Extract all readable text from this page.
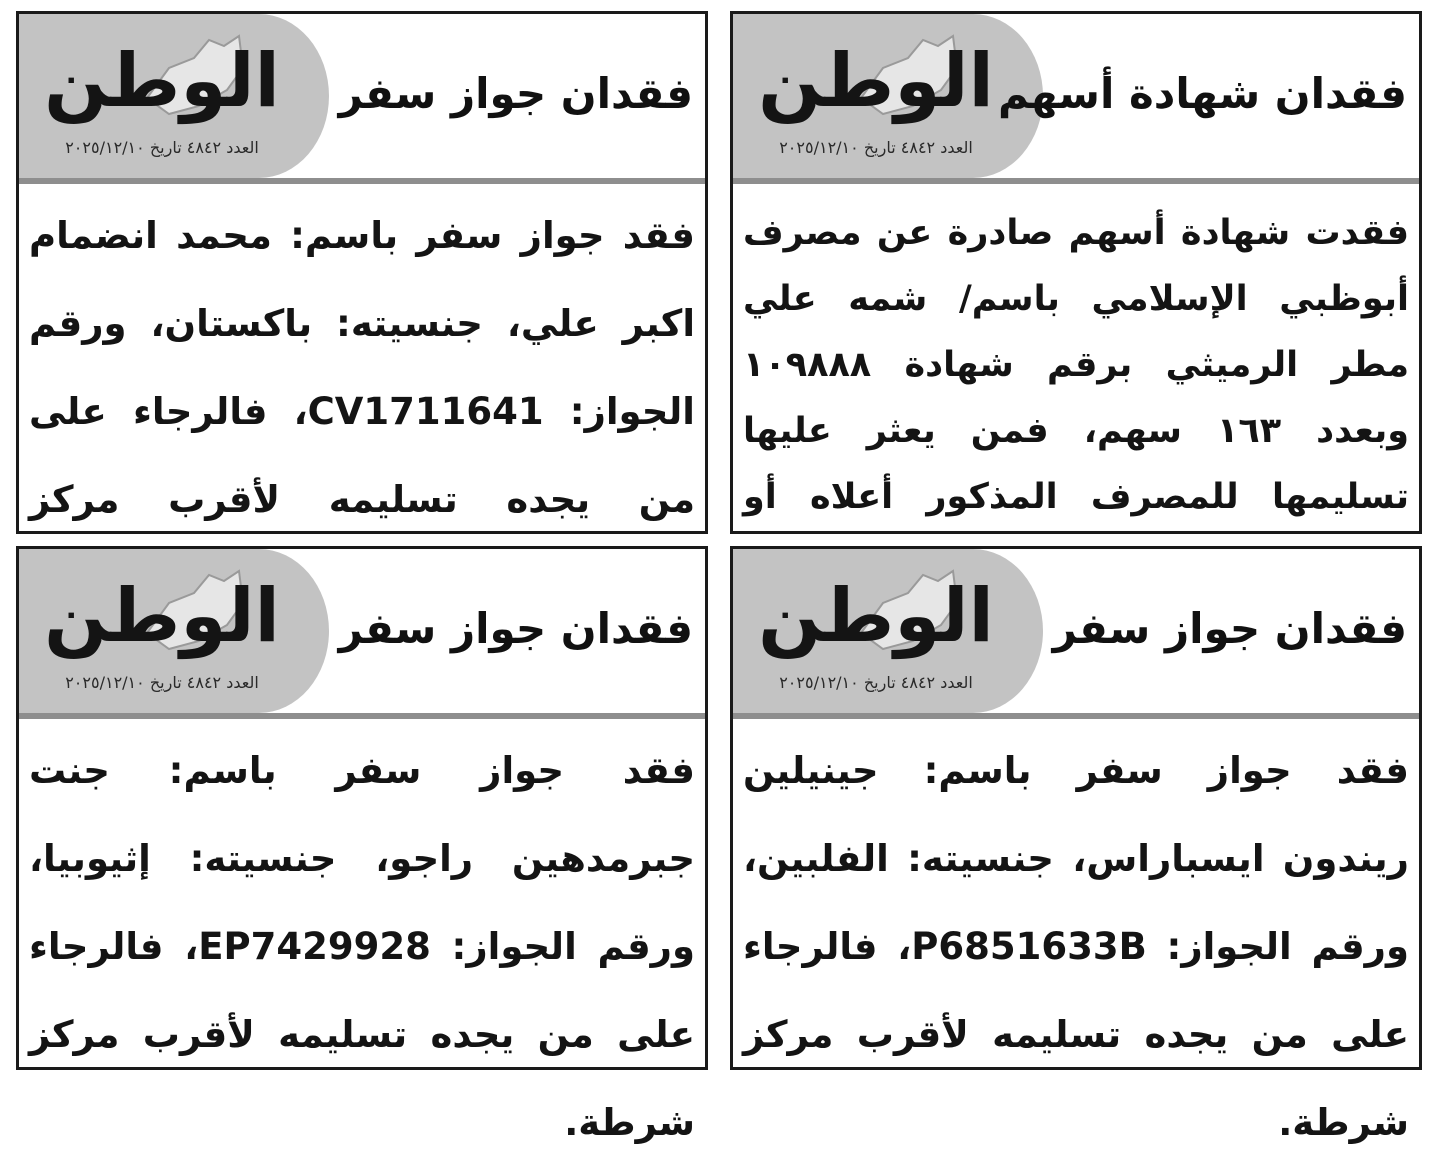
الوطن
العدد ٤٨٤٢ تاريخ ٢٠٢٥/١٢/١٠
فقدان جواز سفر
فقد جواز سفر باسم: محمد انضمام اكبر علي، جنسيته: باكستان، ورقم الجواز: CV1711641، فالرجاء على من يجده تسليمه لأقرب مركز
الوطن
العدد ٤٨٤٢ تاريخ ٢٠٢٥/١٢/١٠
فقدان شهادة أسهم
فقدت شهادة أسهم صادرة عن مصرف أبوظبي الإسلامي باسم/ شمه علي مطر الرميثي برقم شهادة ١٠٩٨٨٨ وبعدد ١٦٣ سهم، فمن يعثر عليها تسليمها للمصرف المذكور أعلاه أو
الوطن
العدد ٤٨٤٢ تاريخ ٢٠٢٥/١٢/١٠
فقدان جواز سفر
فقد جواز سفر باسم: جنت جبرمدهين راجو، جنسيته: إثيوبيا، ورقم الجواز: EP7429928، فالرجاء على من يجده تسليمه لأقرب مركز شرطة.
الوطن
العدد ٤٨٤٢ تاريخ ٢٠٢٥/١٢/١٠
فقدان جواز سفر
فقد جواز سفر باسم: جينيلين ريندون ايسباراس، جنسيته: الفلبين، ورقم الجواز: P6851633B، فالرجاء على من يجده تسليمه لأقرب مركز شرطة.
